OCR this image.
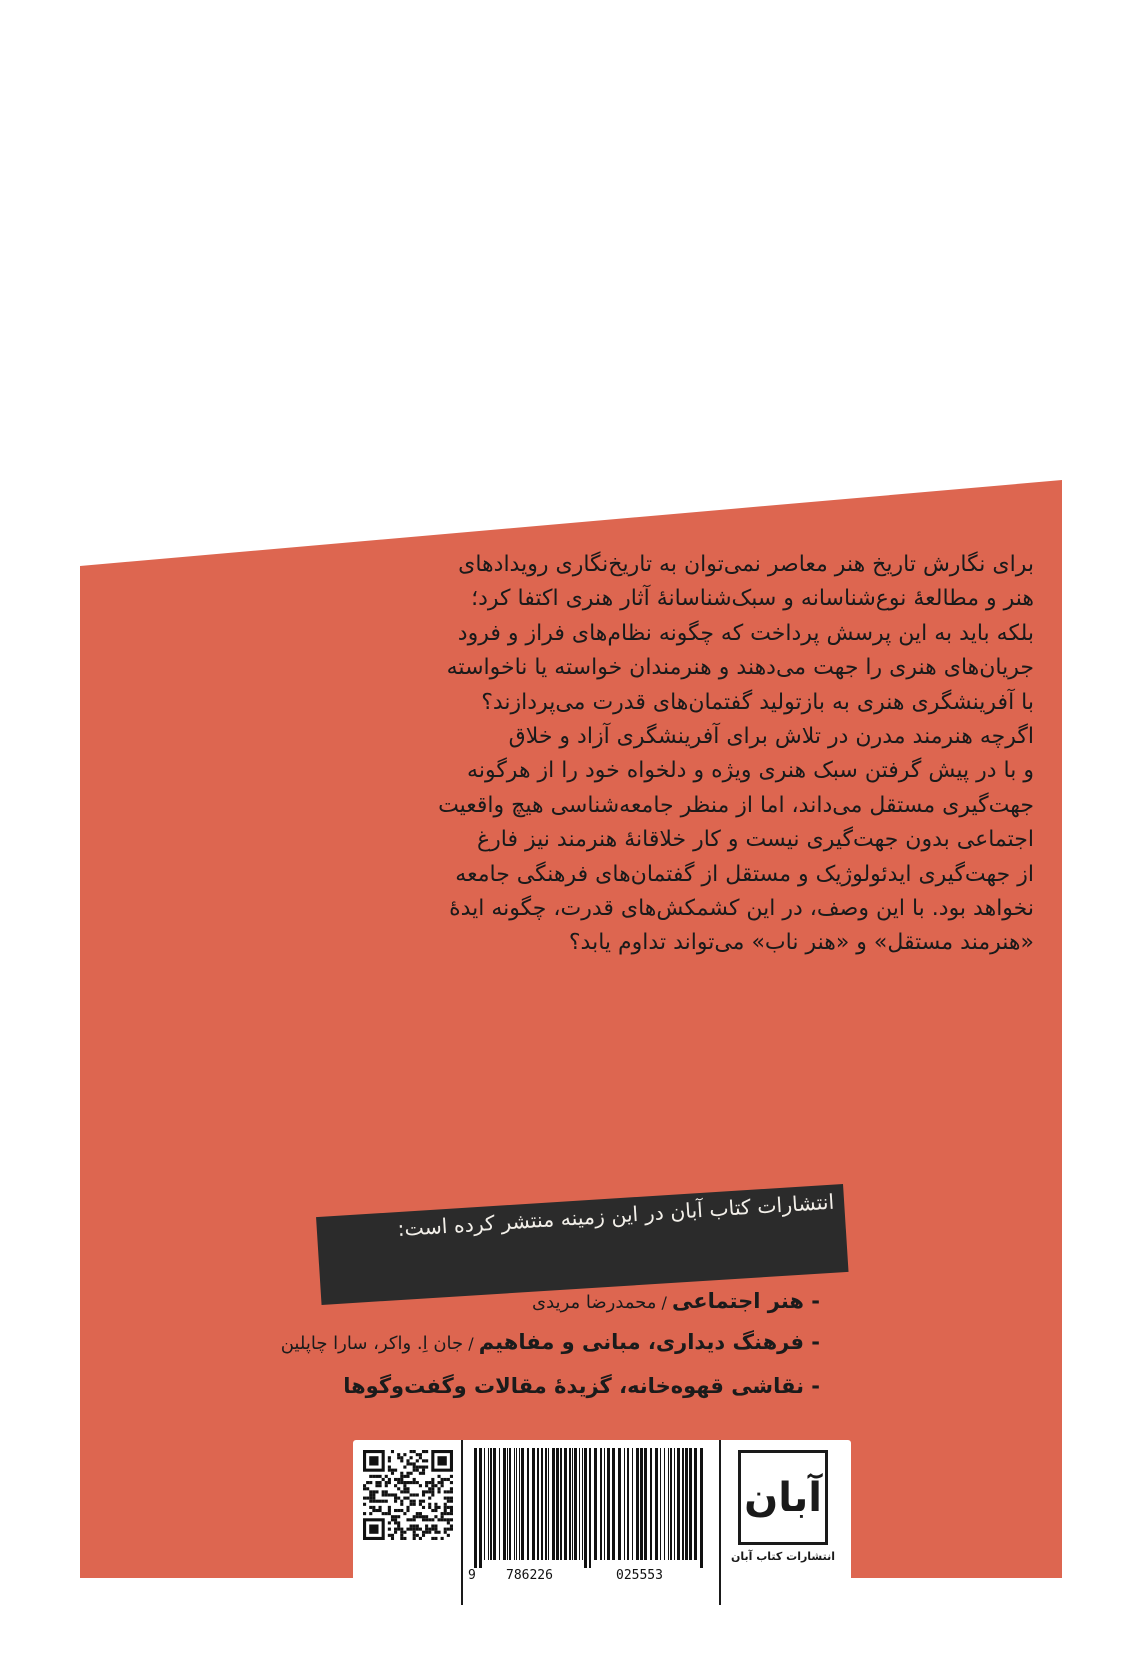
برای نگارش تاریخ هنر معاصر نمی‌توان به تاریخ‌نگاری رویدادهای
هنر و مطالعهٔ نوع‌شناسانه و سبک‌شناسانهٔ آثار هنری اکتفا کرد؛
بلکه باید به این پرسش پرداخت که چگونه نظام‌های فراز و فرود
جریان‌های هنری را جهت می‌دهند و هنرمندان خواسته یا ناخواسته
با آفرینشگری هنری به بازتولید گفتمان‌های قدرت می‌پردازند؟
اگرچه هنرمند مدرن در تلاش برای آفرینشگری آزاد و خلاق
و با در پیش گرفتن سبک هنری ویژه و دلخواه خود را از هرگونه
جهت‌گیری مستقل می‌داند، اما از منظر جامعه‌شناسی هیچ واقعیت
اجتماعی بدون جهت‌گیری نیست و کار خلاقانهٔ هنرمند نیز فارغ
از جهت‌گیری ایدئولوژیک و مستقل از گفتمان‌های فرهنگی جامعه
نخواهد بود. با این وصف، در این کشمکش‌های قدرت، چگونه ایدهٔ
«هنرمند مستقل» و «هنر ناب» می‌تواند تداوم یابد؟
انتشارات کتاب آبان در این زمینه منتشر کرده است:
- هنر اجتماعی / محمدرضا مریدی
- فرهنگ دیداری، مبانی و مفاهیم / جان اِ. واکر، سارا چاپلین
- نقاشی قهوه‌خانه، گزیدهٔ مقالات وگفت‌وگوها
9 786226	025553
آبان
انتشارات کتاب آبان
